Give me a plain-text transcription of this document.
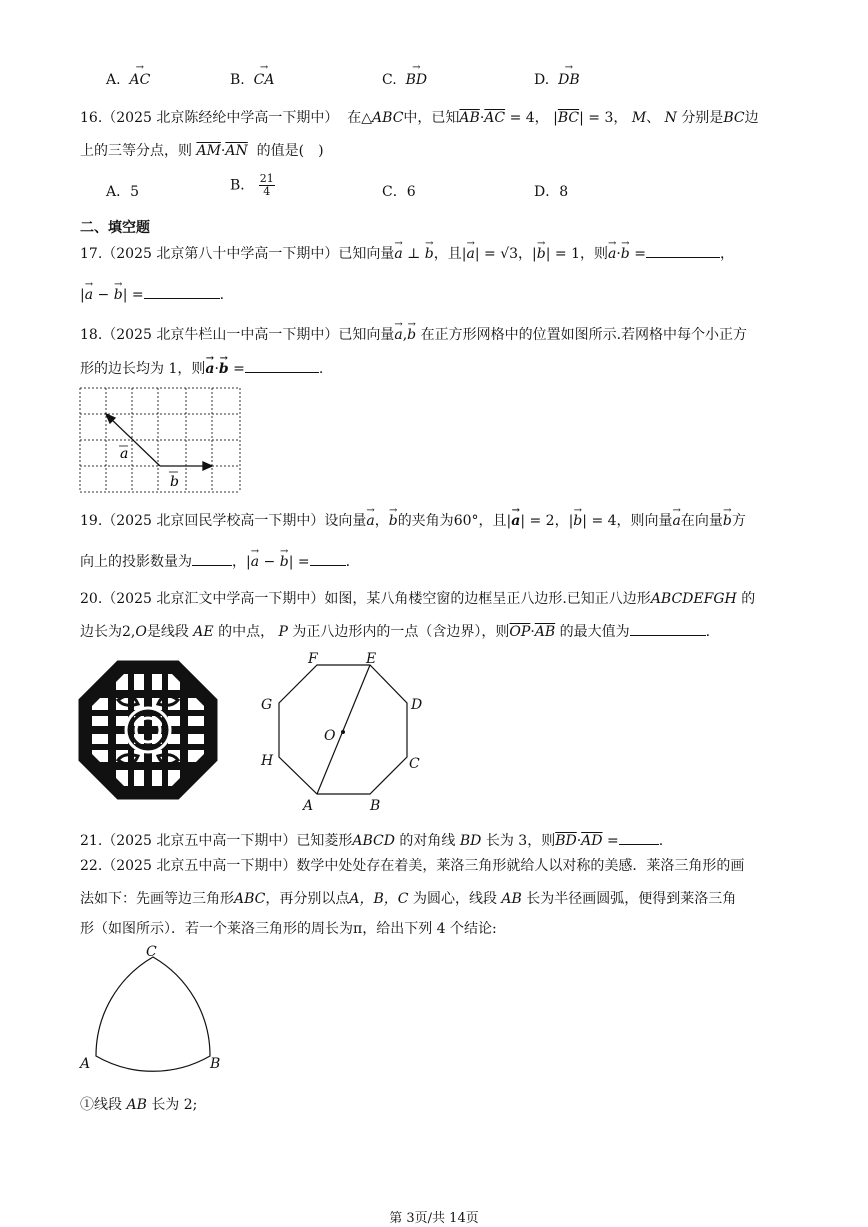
A. → AC	B. → CA	C. → BD	D. → DB
16.（2025 北京陈经纶中学高一下期中） 在△ABC中，已知$\overline{AB}\cdot\overline{AC} = 4$， $|\overline{BC}| = 3$， M、 N 分别是BC边
上的三等分点，则 $\overline{AM}\cdot\overline{AN}$ 的值是(　)
A．5	B． $\frac{21}{4}$	C．6	D．8
二、填空题
17.（2025 北京第八十中学高一下期中）已知向量→ a ⊥ → b，且|→ a| = √3，|→ b| = 1，则→ a·→ b =	，
|→ a − → b| =	.
18.（2025 北京牛栏山一中高一下期中）已知向量→ a,→ b 在正方形网格中的位置如图所示.若网格中每个小正方
形的边长均为 1，则→ a·→ b =	.
a
b
19.（2025 北京回民学校高一下期中）设向量→ a，→ b的夹角为60°，且|→ a| = 2，|→ b| = 4，则向量→ a在向量→ b方
向上的投影数量为	，|→ a − → b| =	.
20.（2025 北京汇文中学高一下期中）如图，某八角楼空窗的边框呈正八边形.已知正八边形ABCDEFGH 的
边长为2,O是线段 AE 的中点， P 为正八边形内的一点（含边界），则$\overline{OP}\cdot\overline{AB}$ 的最大值为	.
F	E
D
C
B
A
H
G
O
21.（2025 北京五中高一下期中）已知菱形ABCD 的对角线 BD 长为 3，则$\overline{BD}\cdot\overline{AD}$ =	.
22.（2025 北京五中高一下期中）数学中处处存在着美，莱洛三角形就给人以对称的美感．莱洛三角形的画
法如下：先画等边三角形ABC，再分别以点A，B，C 为圆心，线段 AB 长为半径画圆弧，便得到莱洛三角
形（如图所示）．若一个莱洛三角形的周长为π，给出下列 4 个结论:
C
A	B
①线段 AB 长为 2;
第 3页/共 14页
